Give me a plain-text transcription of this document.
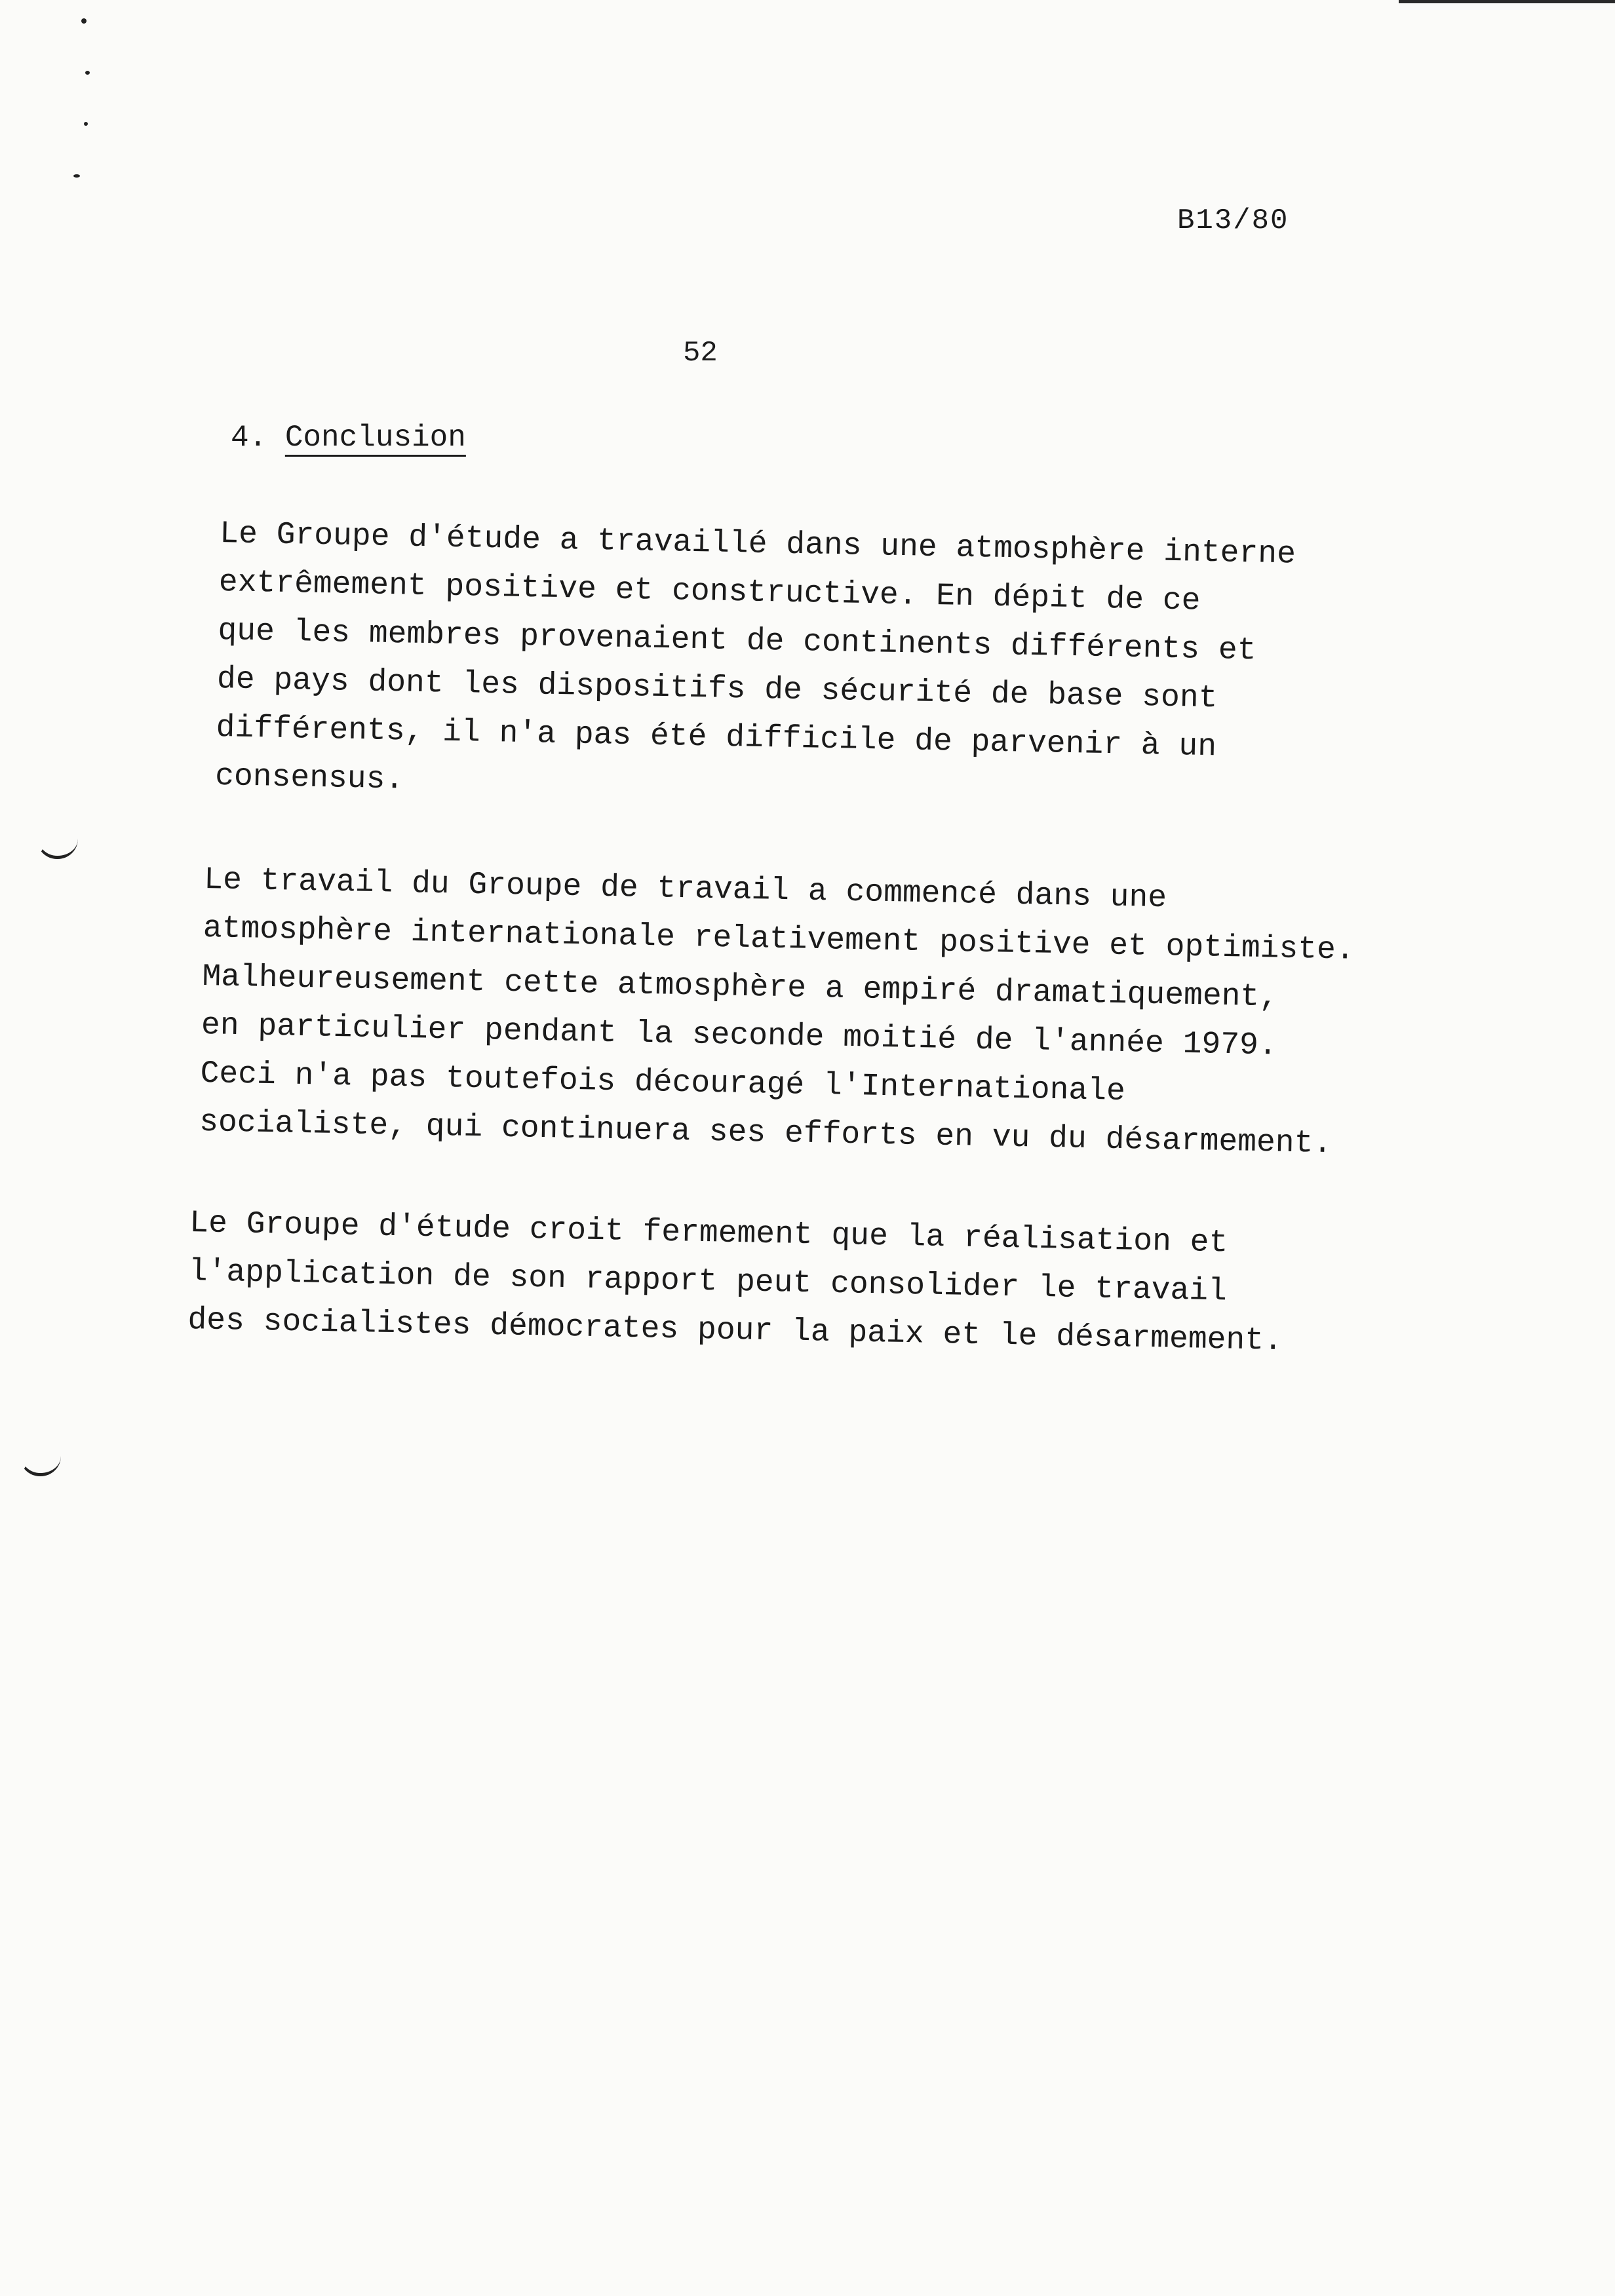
B13/80
52
4. Conclusion
Le Groupe d'étude a travaillé dans une atmosphère interne
extrêmement positive et constructive. En dépit de ce
que les membres provenaient de continents différents et
de pays dont les dispositifs de sécurité de base sont
différents, il n'a pas été difficile de parvenir à un
consensus.
Le travail du Groupe de travail a commencé dans une
atmosphère internationale relativement positive et optimiste.
Malheureusement cette atmosphère a empiré dramatiquement,
en particulier pendant la seconde moitié de l'année 1979.
Ceci n'a pas toutefois découragé l'Internationale
socialiste, qui continuera ses efforts en vu du désarmement.
Le Groupe d'étude croit fermement que la réalisation et
l'application de son rapport peut consolider le travail
des socialistes démocrates pour la paix et le désarmement.
